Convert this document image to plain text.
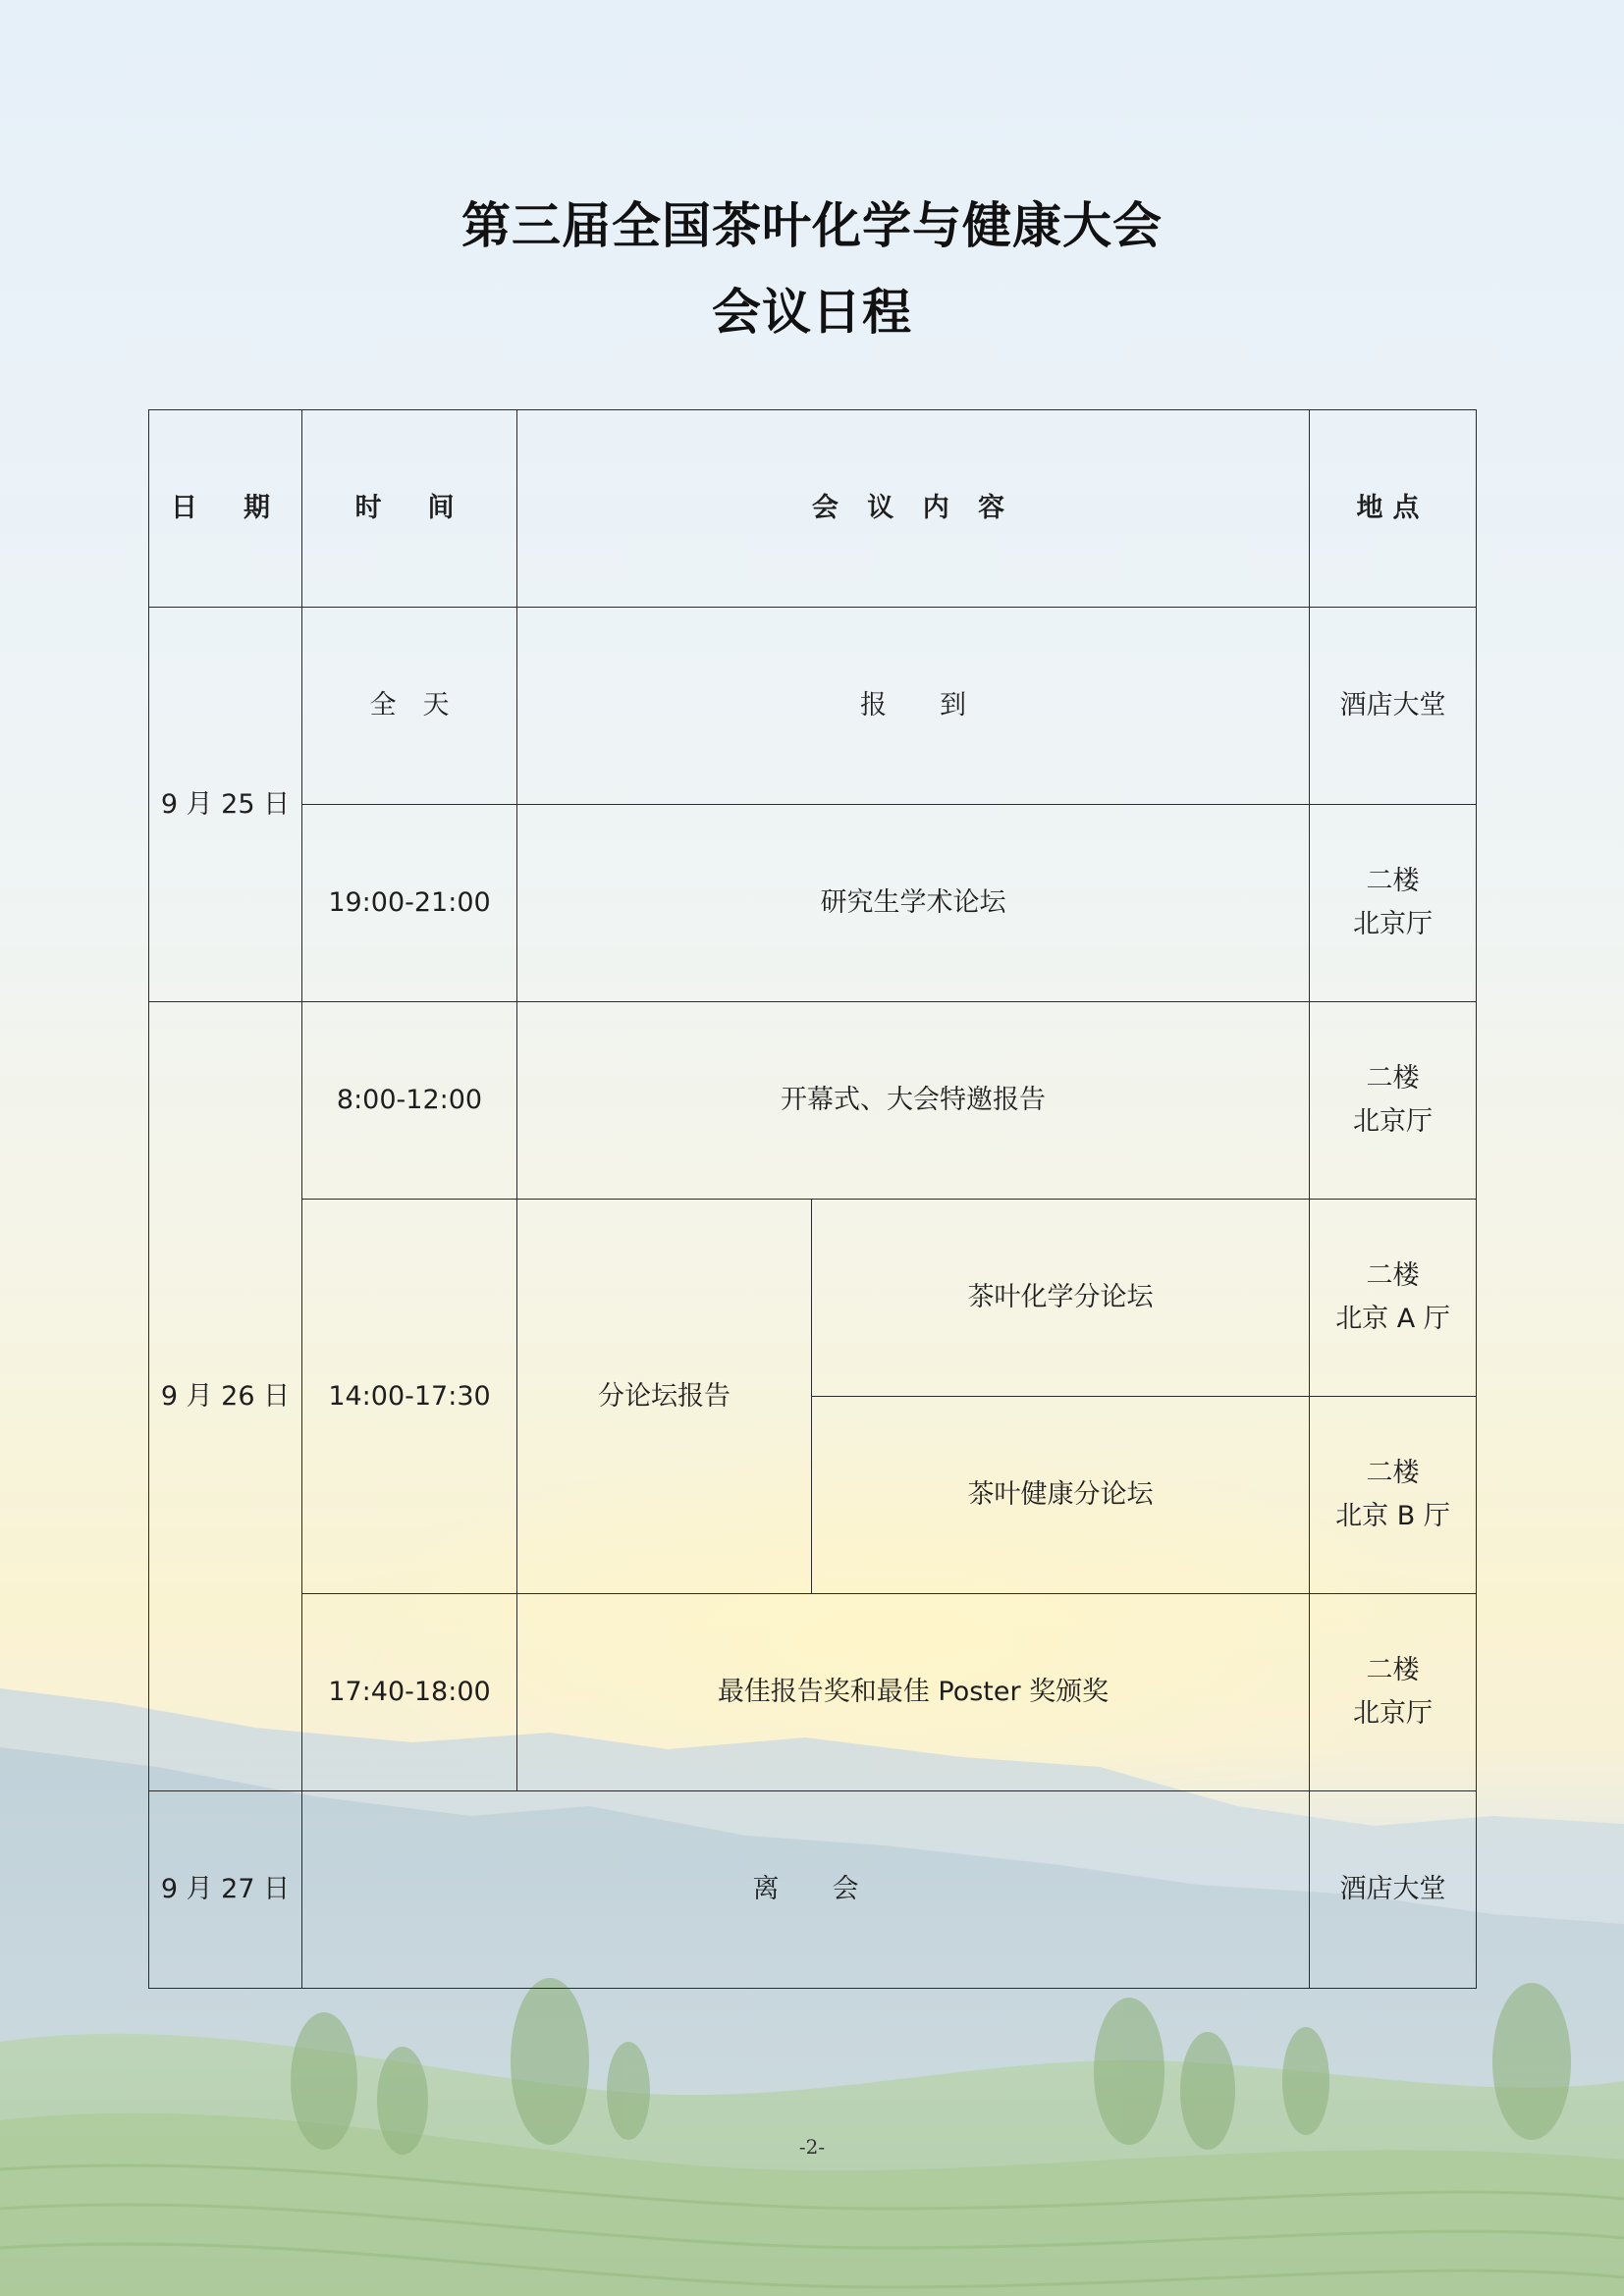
第三届全国茶叶化学与健康大会
会议日程
日　期	时　间	会 议 内 容		地点
9 月 25 日	全　天	报　　到		酒店大堂

	19:00-21:00	研究生学术论坛		二楼
北京厅

9 月 26 日	8:00-12:00	开幕式、大会特邀报告		二楼
北京厅

	14:00-17:30	分论坛报告	茶叶化学分论坛	二楼
北京 A 厅

			茶叶健康分论坛	二楼
北京 B 厅

	17:40-18:00	最佳报告奖和最佳 Poster 奖颁奖		二楼
北京厅

9 月 27 日	离　　会			酒店大堂
-2-
